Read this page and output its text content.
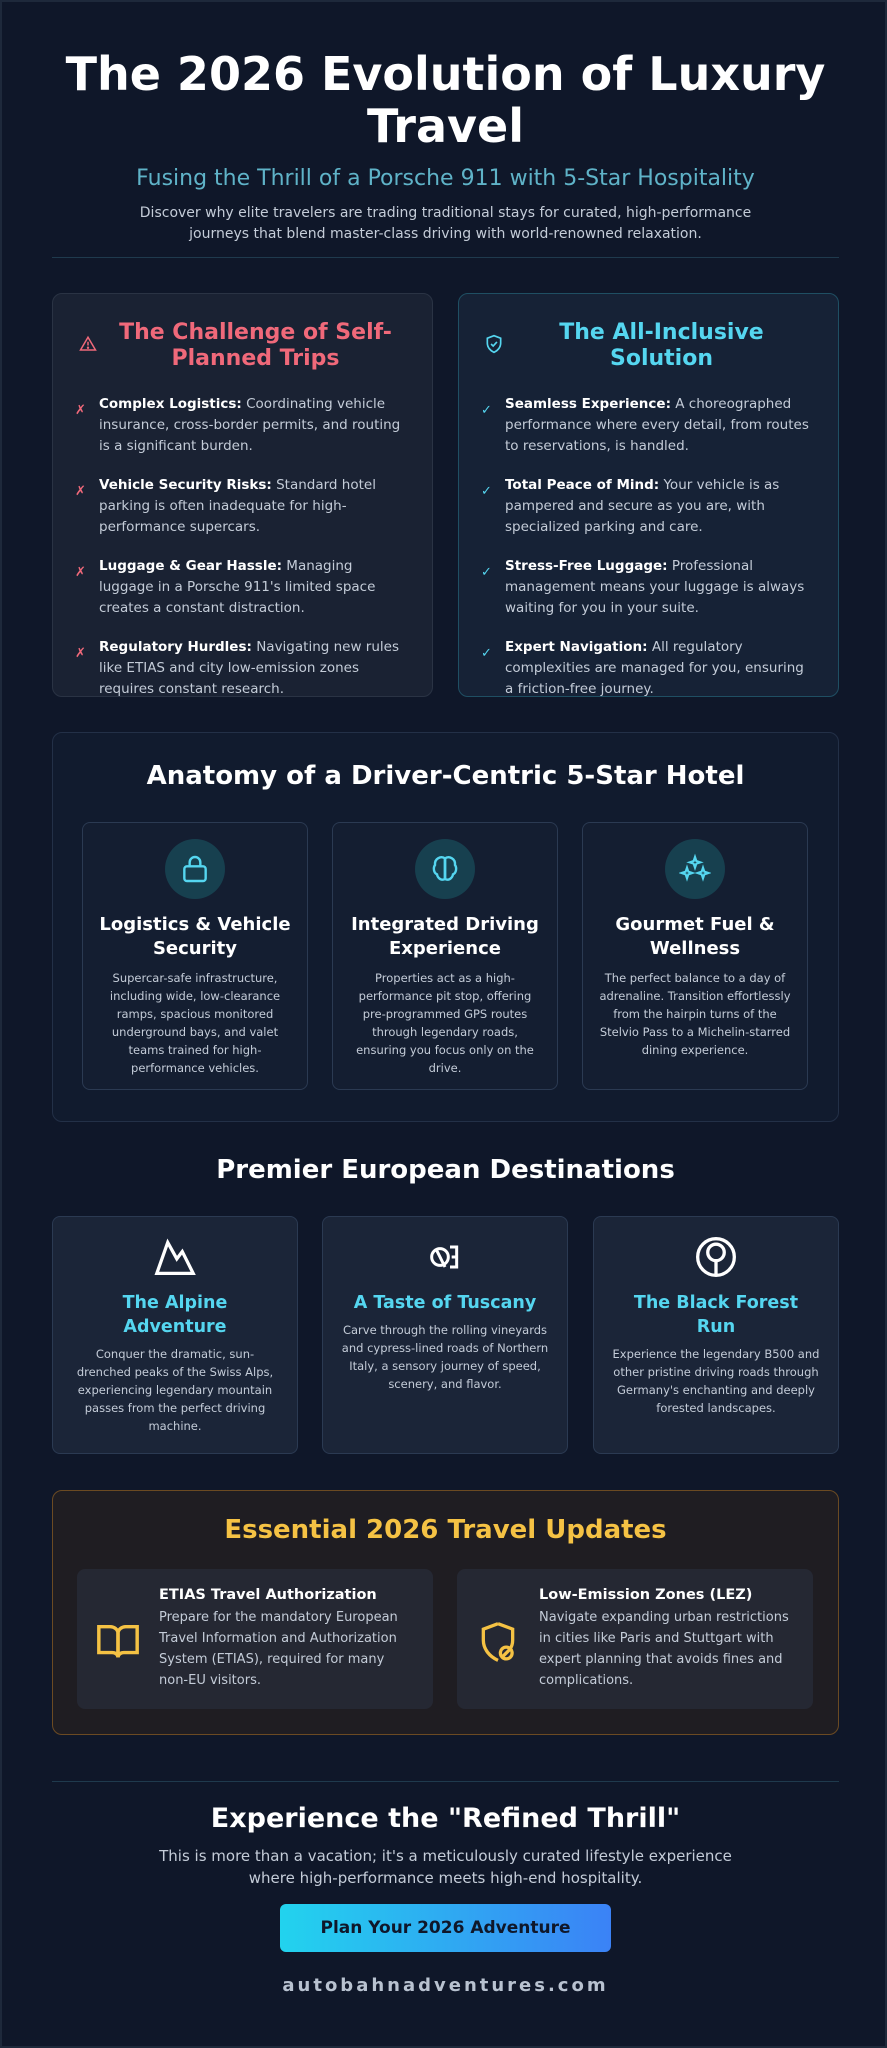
The 2026 Evolution of Luxury Travel
Fusing the Thrill of a Porsche 911 with 5-Star Hospitality

Discover why elite travelers are trading traditional stays for curated, high-performance journeys that blend master-class driving with world-renowned relaxation.

The Challenge of Self-Planned Trips
✗ Complex Logistics: Coordinating vehicle insurance, cross-border permits, and routing is a significant burden.
✗ Vehicle Security Risks: Standard hotel parking is often inadequate for high-performance supercars.
✗ Luggage & Gear Hassle: Managing luggage in a Porsche 911's limited space creates a constant distraction.
✗ Regulatory Hurdles: Navigating new rules like ETIAS and city low-emission zones requires constant research.
The All-Inclusive Solution
✓ Seamless Experience: A choreographed performance where every detail, from routes to reservations, is handled.
✓ Total Peace of Mind: Your vehicle is as pampered and secure as you are, with specialized parking and care.
✓ Stress-Free Luggage: Professional management means your luggage is always waiting for you in your suite.
✓ Expert Navigation: All regulatory complexities are managed for you, ensuring a friction-free journey.
Anatomy of a Driver-Centric 5-Star Hotel
Logistics & Vehicle Security

Supercar-safe infrastructure, including wide, low-clearance ramps, spacious monitored underground bays, and valet teams trained for high-performance vehicles.

Integrated Driving Experience

Properties act as a high-performance pit stop, offering pre-programmed GPS routes through legendary roads, ensuring you focus only on the drive.

Gourmet Fuel & Wellness

The perfect balance to a day of adrenaline. Transition effortlessly from the hairpin turns of the Stelvio Pass to a Michelin-starred dining experience.

Premier European Destinations
The Alpine Adventure

Conquer the dramatic, sun-drenched peaks of the Swiss Alps, experiencing legendary mountain passes from the perfect driving machine.

A Taste of Tuscany

Carve through the rolling vineyards and cypress-lined roads of Northern Italy, a sensory journey of speed, scenery, and flavor.

The Black Forest Run

Experience the legendary B500 and other pristine driving roads through Germany's enchanting and deeply forested landscapes.

Essential 2026 Travel Updates
ETIAS Travel Authorization

Prepare for the mandatory European Travel Information and Authorization System (ETIAS), required for many non-EU visitors.

Low-Emission Zones (LEZ)

Navigate expanding urban restrictions in cities like Paris and Stuttgart with expert planning that avoids fines and complications.

Experience the "Refined Thrill"

This is more than a vacation; it's a meticulously curated lifestyle experience where high-performance meets high-end hospitality.

Plan Your 2026 Adventure
autobahnadventures.com
